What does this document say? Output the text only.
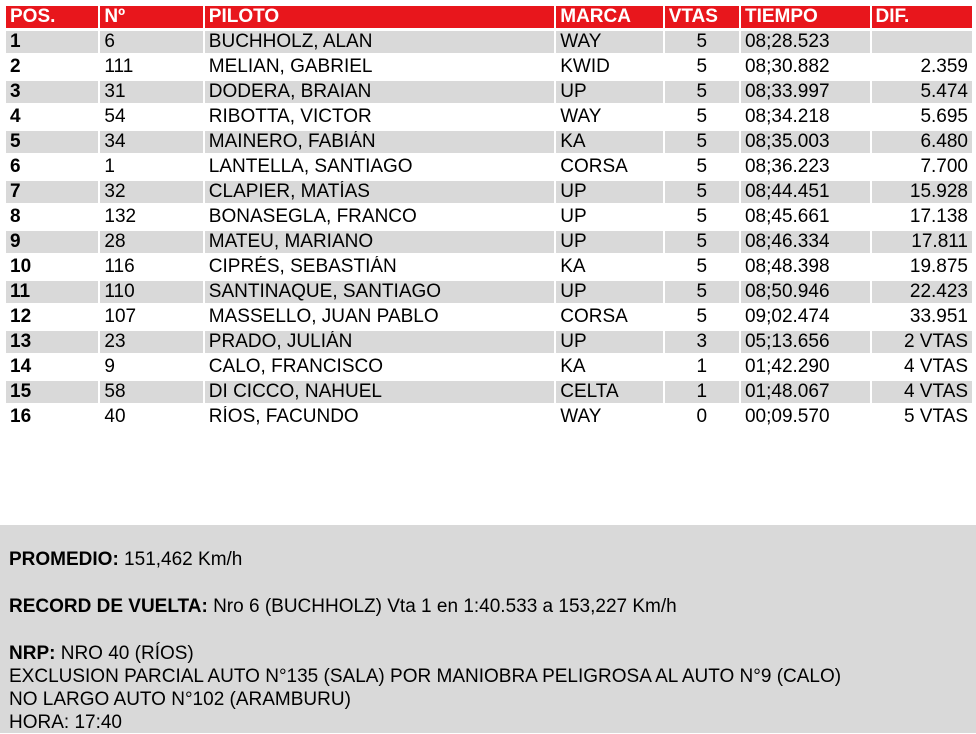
POS.	Nº	PILOTO	MARCA	VTAS	TIEMPO	DIF.
1	6	BUCHHOLZ, ALAN	WAY	5	08;28.523	
2	111	MELIAN, GABRIEL	KWID	5	08;30.882	2.359
3	31	DODERA, BRAIAN	UP	5	08;33.997	5.474
4	54	RIBOTTA, VICTOR	WAY	5	08;34.218	5.695
5	34	MAINERO, FABIÁN	KA	5	08;35.003	6.480
6	1	LANTELLA, SANTIAGO	CORSA	5	08;36.223	7.700
7	32	CLAPIER, MATÍAS	UP	5	08;44.451	15.928
8	132	BONASEGLA, FRANCO	UP	5	08;45.661	17.138
9	28	MATEU, MARIANO	UP	5	08;46.334	17.811
10	116	CIPRÉS, SEBASTIÁN	KA	5	08;48.398	19.875
11	110	SANTINAQUE, SANTIAGO	UP	5	08;50.946	22.423
12	107	MASSELLO, JUAN PABLO	CORSA	5	09;02.474	33.951
13	23	PRADO, JULIÁN	UP	3	05;13.656	2 VTAS
14	9	CALO, FRANCISCO	KA	1	01;42.290	4 VTAS
15	58	DI CICCO, NAHUEL	CELTA	1	01;48.067	4 VTAS
16	40	RÍOS, FACUNDO	WAY	0	00;09.570	5 VTAS

PROMEDIO: 151,462 Km/h

RECORD DE VUELTA: Nro 6 (BUCHHOLZ) Vta 1 en 1:40.533 a 153,227 Km/h

NRP: NRO 40 (RÍOS)

EXCLUSION PARCIAL AUTO N°135 (SALA) POR MANIOBRA PELIGROSA AL AUTO N°9 (CALO)

NO LARGO AUTO N°102 (ARAMBURU)

HORA: 17:40
